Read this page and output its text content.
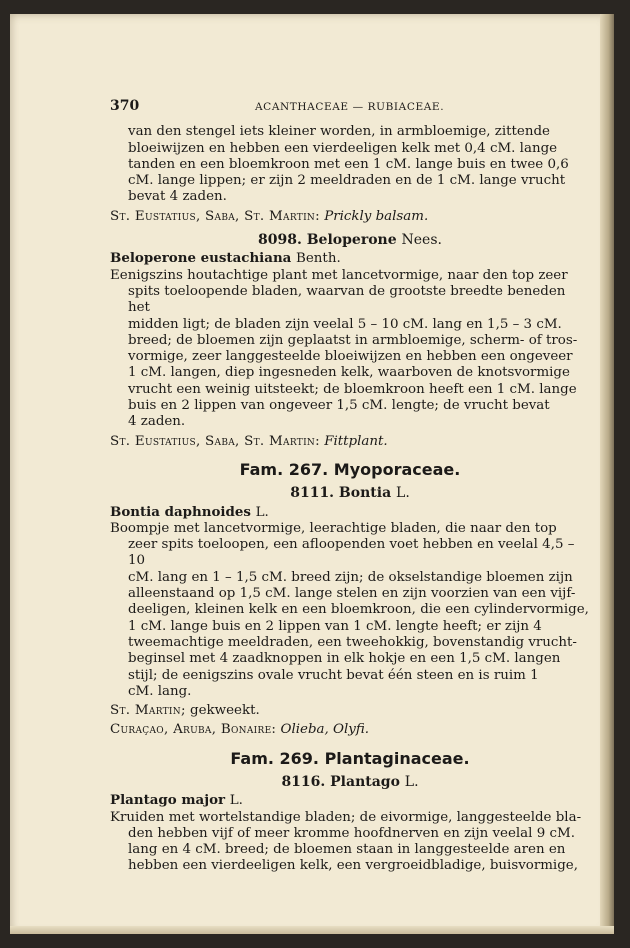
370	ACANTHACEAE — RUBIACEAE.

van den stengel iets kleiner worden, in armbloemige, zittende

bloeiwijzen en hebben een vierdeeligen kelk met 0,4 cM. lange

tanden en een bloemkroon met een 1 cM. lange buis en twee 0,6

cM. lange lippen; er zijn 2 meeldraden en de 1 cM. lange vrucht

bevat 4 zaden.

St. Eustatius, Saba, St. Martin: Prickly balsam.

8098. Beloperone Nees.

Beloperone eustachiana Benth.

Eenigszins houtachtige plant met lancetvormige, naar den top zeer

spits toeloopende bladen, waarvan de grootste breedte beneden het

midden ligt; de bladen zijn veelal 5 – 10 cM. lang en 1,5 – 3 cM.

breed; de bloemen zijn geplaatst in armbloemige, scherm- of tros-

vormige, zeer langgesteelde bloeiwijzen en hebben een ongeveer

1 cM. langen, diep ingesneden kelk, waarboven de knotsvormige

vrucht een weinig uitsteekt; de bloemkroon heeft een 1 cM. lange

buis en 2 lippen van ongeveer 1,5 cM. lengte; de vrucht bevat

4 zaden.

St. Eustatius, Saba, St. Martin: Fittplant.

Fam. 267. Myoporaceae.

8111. Bontia L.

Bontia daphnoides L.

Boompje met lancetvormige, leerachtige bladen, die naar den top

zeer spits toeloopen, een afloopenden voet hebben en veelal 4,5 – 10

cM. lang en 1 – 1,5 cM. breed zijn; de okselstandige bloemen zijn

alleenstaand op 1,5 cM. lange stelen en zijn voorzien van een vijf-

deeligen, kleinen kelk en een bloemkroon, die een cylindervormige,

1 cM. lange buis en 2 lippen van 1 cM. lengte heeft; er zijn 4

tweemachtige meeldraden, een tweehokkig, bovenstandig vrucht-

beginsel met 4 zaadknoppen in elk hokje en een 1,5 cM. langen

stijl; de eenigszins ovale vrucht bevat één steen en is ruim 1

cM. lang.

St. Martin; gekweekt.

Curaçao, Aruba, Bonaire: Olieba, Olyfi.

Fam. 269. Plantaginaceae.

8116. Plantago L.

Plantago major L.

Kruiden met wortelstandige bladen; de eivormige, langgesteelde bla-

den hebben vijf of meer kromme hoofdnerven en zijn veelal 9 cM.

lang en 4 cM. breed; de bloemen staan in langgesteelde aren en

hebben een vierdeeligen kelk, een vergroeidbladige, buisvormige,
